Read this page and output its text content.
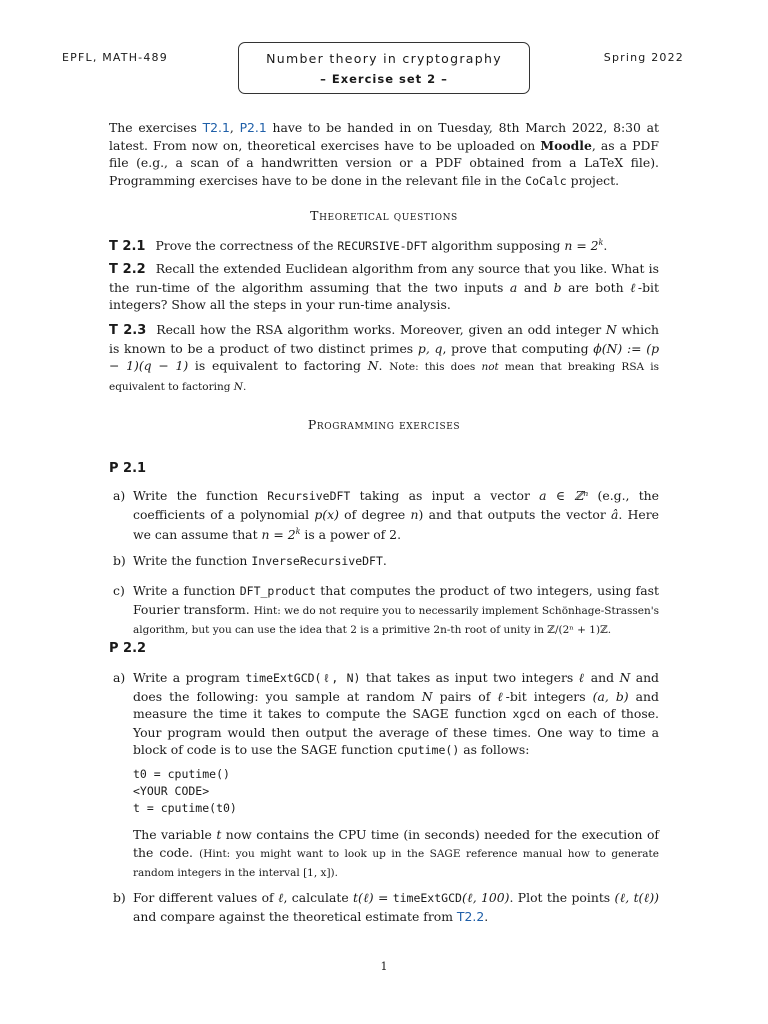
EPFL, MATH-489	Number theory in cryptography
– Exercise set 2 –
Spring 2022
The exercises T2.1, P2.1 have to be handed in on Tuesday, 8th March 2022, 8:30 at latest. From now on, theoretical exercises have to be uploaded on Moodle, as a PDF file (e.g., a scan of a handwritten version or a PDF obtained from a LaTeX file). Programming exercises have to be done in the relevant file in the CoCalc project.
Theoretical questions
T 2.1 Prove the correctness of the RECURSIVE-DFT algorithm supposing $n = 2^k$.
T 2.2 Recall the extended Euclidean algorithm from any source that you like. What is the run-time of the algorithm assuming that the two inputs a and b are both ℓ-bit integers? Show all the steps in your run-time analysis.
T 2.3 Recall how the RSA algorithm works. Moreover, given an odd integer N which is known to be a product of two distinct primes p, q, prove that computing ϕ(N) := (p − 1)(q − 1) is equivalent to factoring N. Note: this does not mean that breaking RSA is equivalent to factoring N.
Programming exercises
P 2.1
a) Write the function RecursiveDFT taking as input a vector a ∈ ℤⁿ (e.g., the coefficients of a polynomial p(x) of degree n) and that outputs the vector â. Here we can assume that $n = 2^k$ is a power of 2.
b) Write the function InverseRecursiveDFT.
c) Write a function DFT_product that computes the product of two integers, using fast Fourier transform. Hint: we do not require you to necessarily implement Schönhage-Strassen's algorithm, but you can use the idea that 2 is a primitive 2n-th root of unity in ℤ/(2ⁿ + 1)ℤ.
P 2.2
a) Write a program timeExtGCD(ℓ, N) that takes as input two integers ℓ and N and does the following: you sample at random N pairs of ℓ-bit integers (a, b) and measure the time it takes to compute the SAGE function xgcd on each of those. Your program would then output the average of these times. One way to time a block of code is to use the SAGE function cputime() as follows:
t0 = cputime()
<YOUR CODE>
t = cputime(t0)
The variable t now contains the CPU time (in seconds) needed for the execution of the code. (Hint: you might want to look up in the SAGE reference manual how to generate random integers in the interval [1, x]).
b) For different values of ℓ, calculate t(ℓ) = timeExtGCD(ℓ, 100). Plot the points (ℓ, t(ℓ)) and compare against the theoretical estimate from T2.2.
1
